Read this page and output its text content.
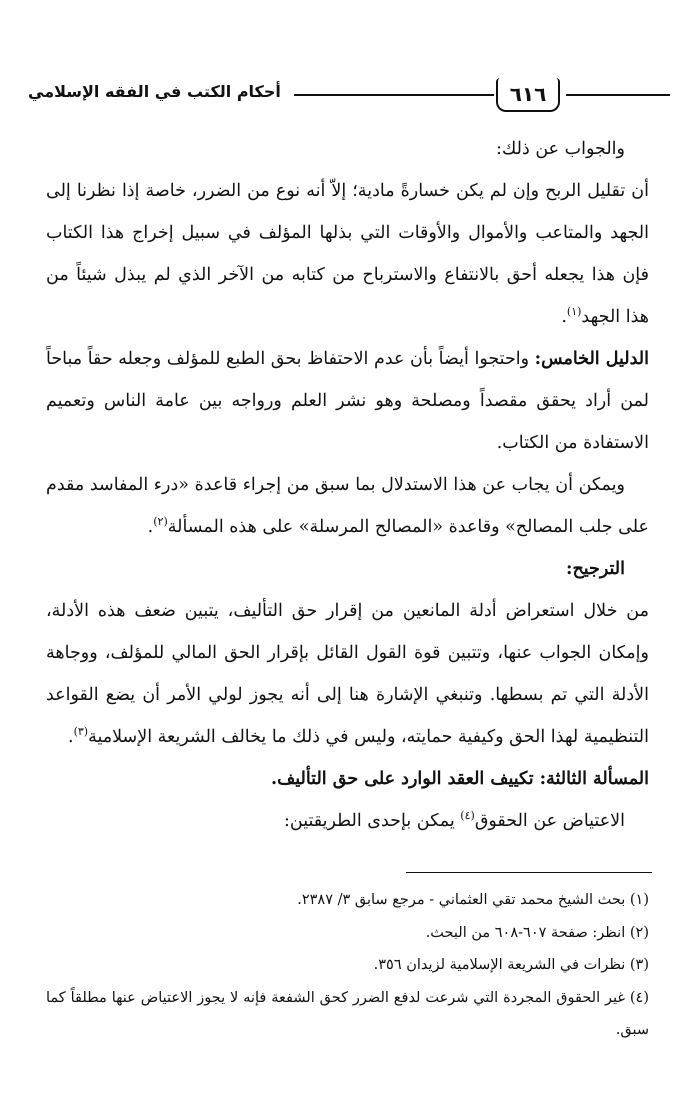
٦١٦
أحكام الكتب في الفقه الإسلامي

والجواب عن ذلك:

أن تقليل الربح وإن لم يكن خسارةً مادية؛ إلاّ أنه نوع من الضرر، خاصة إذا نظرنا إلى الجهد والمتاعب والأموال والأوقات التي بذلها المؤلف في سبيل إخراج هذا الكتاب فإن هذا يجعله أحق بالانتفاع والاسترباح من كتابه من الآخر الذي لم يبذل شيئاً من هذا الجهد$^{(١)}$.

الدليل الخامس: واحتجوا أيضاً بأن عدم الاحتفاظ بحق الطبع للمؤلف وجعله حقاً مباحاً لمن أراد يحقق مقصداً ومصلحة وهو نشر العلم ورواجه بين عامة الناس وتعميم الاستفادة من الكتاب.

ويمكن أن يجاب عن هذا الاستدلال بما سبق من إجراء قاعدة «درء المفاسد مقدم على جلب المصالح» وقاعدة «المصالح المرسلة» على هذه المسألة$^{(٢)}$.

الترجيح:

من خلال استعراض أدلة المانعين من إقرار حق التأليف، يتبين ضعف هذه الأدلة، وإمكان الجواب عنها، وتتبين قوة القول القائل بإقرار الحق المالي للمؤلف، ووجاهة الأدلة التي تم بسطها. وتنبغي الإشارة هنا إلى أنه يجوز لولي الأمر أن يضع القواعد التنظيمية لهذا الحق وكيفية حمايته، وليس في ذلك ما يخالف الشريعة الإسلامية$^{(٣)}$.

المسألة الثالثة: تكييف العقد الوارد على حق التأليف.

الاعتياض عن الحقوق$^{(٤)}$ يمكن بإحدى الطريقتين:

(١) بحث الشيخ محمد تقي العثماني - مرجع سابق ٣/ ٢٣٨٧.

(٢) انظر: صفحة ٦٠٧-٦٠٨ من البحث.

(٣) نظرات في الشريعة الإسلامية لزيدان ٣٥٦.

(٤) غير الحقوق المجردة التي شرعت لدفع الضرر كحق الشفعة فإنه لا يجوز الاعتياض عنها مطلقاً كما سبق.
